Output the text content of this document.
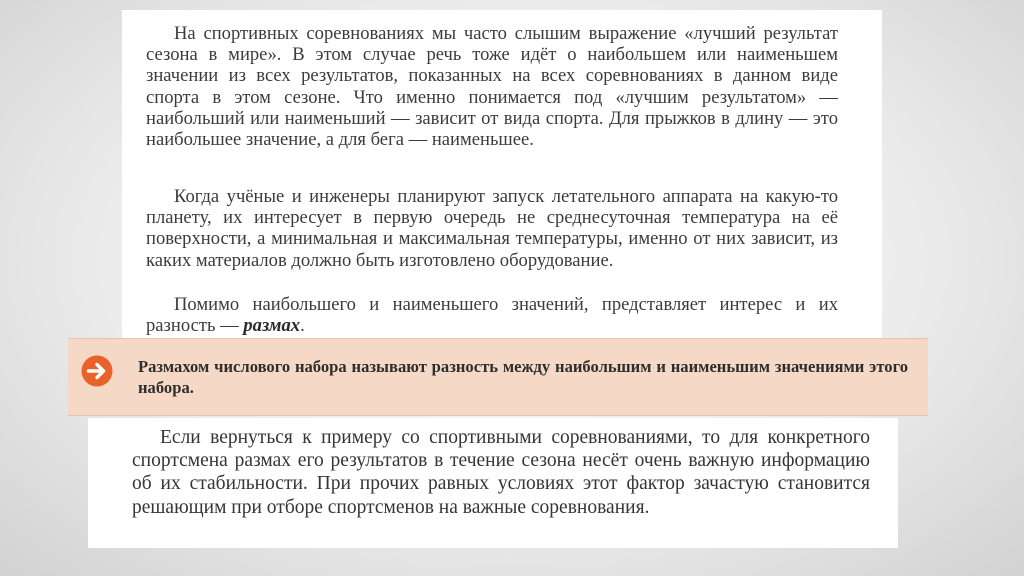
На спортивных соревнованиях мы часто слышим выражение «лучший результат сезона в мире». В этом случае речь тоже идёт о наибольшем или наименьшем значении из всех результатов, показанных на всех соревнованиях в данном виде спорта в этом сезоне. Что именно понимается под «лучшим результатом» — наибольший или наименьший — зависит от вида спорта. Для прыжков в длину — это наибольшее значение, а для бега — наименьшее.

Когда учёные и инженеры планируют запуск летательного аппарата на какую-то планету, их интересует в первую очередь не среднесуточная температура на её поверхности, а минимальная и максимальная температуры, именно от них зависит, из каких материалов должно быть изготовлено оборудование.

Помимо наибольшего и наименьшего значений, представляет интерес и их разность — размах.

Размахом числового набора называют разность между наибольшим и наименьшим значениями этого набора.

Если вернуться к примеру со спортивными соревнованиями, то для конкретного спортсмена размах его результатов в течение сезона несёт очень важную информацию об их стабильности. При прочих равных условиях этот фактор зачастую становится решающим при отборе спортсменов на важные соревнования.
